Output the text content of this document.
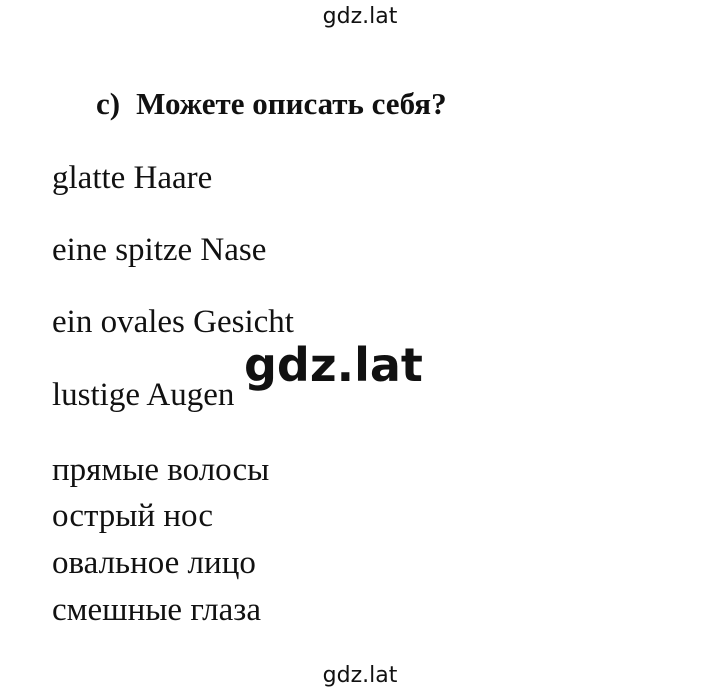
gdz.lat
c) Можете описать себя?
glatte Haare
eine spitze Nase
ein ovales Gesicht
lustige Augen
gdz.lat
прямые волосы
острый нос
овальное лицо
смешные глаза
gdz.lat
